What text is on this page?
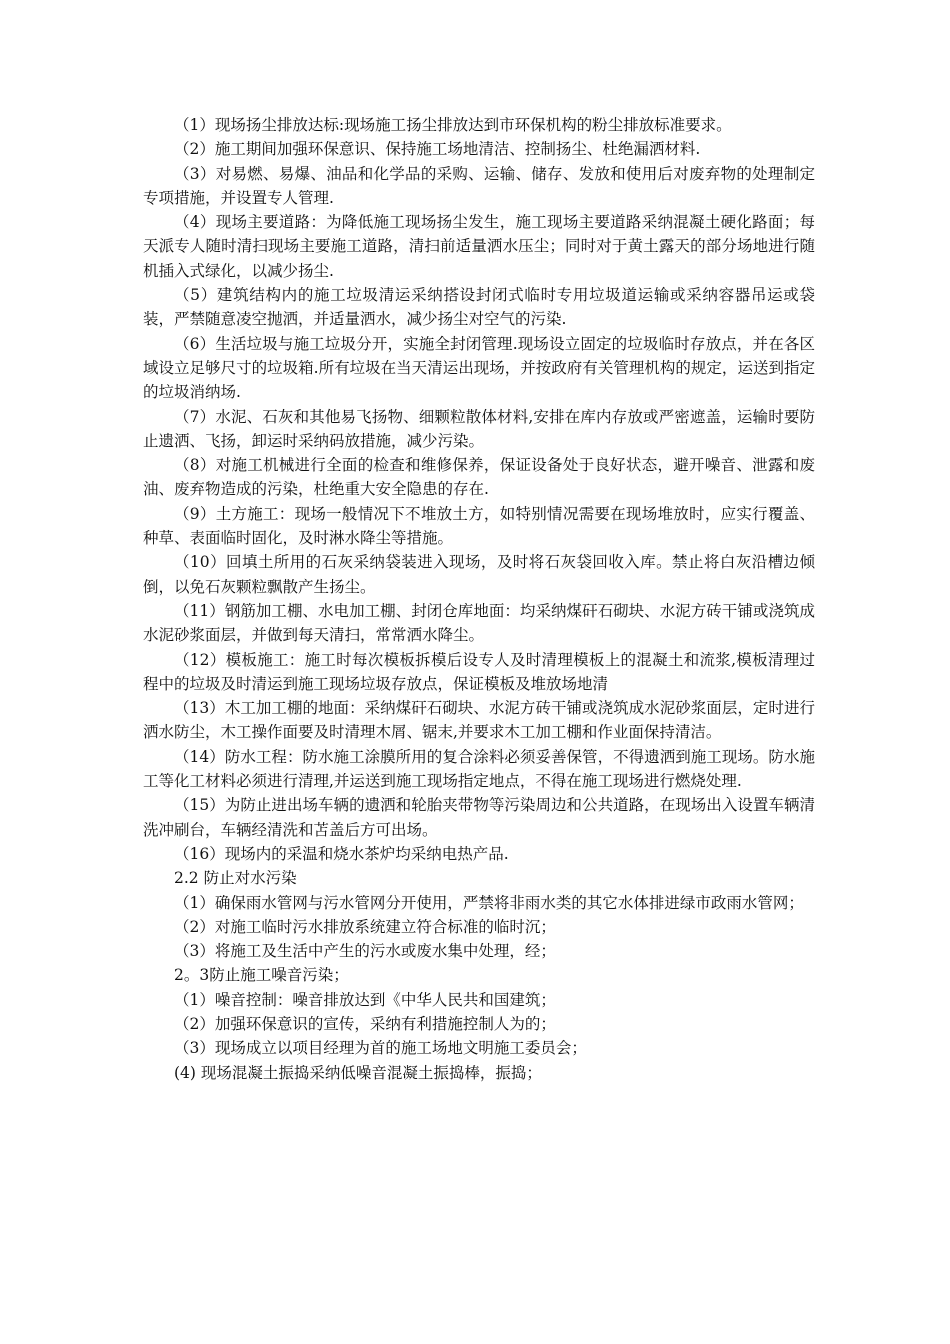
（1）现场扬尘排放达标:现场施工扬尘排放达到市环保机构的粉尘排放标准要求。

（2）施工期间加强环保意识、保持施工场地清洁、控制扬尘、杜绝漏洒材料.

（3）对易燃、易爆、油品和化学品的采购、运输、储存、发放和使用后对废弃物的处理制定专项措施，并设置专人管理.

（4）现场主要道路：为降低施工现场扬尘发生，施工现场主要道路采纳混凝土硬化路面；每天派专人随时清扫现场主要施工道路，清扫前适量洒水压尘；同时对于黄土露天的部分场地进行随机插入式绿化，以减少扬尘.

（5）建筑结构内的施工垃圾清运采纳搭设封闭式临时专用垃圾道运输或采纳容器吊运或袋装，严禁随意凌空抛洒，并适量洒水，减少扬尘对空气的污染.

（6）生活垃圾与施工垃圾分开，实施全封闭管理.现场设立固定的垃圾临时存放点，并在各区域设立足够尺寸的垃圾箱.所有垃圾在当天清运出现场，并按政府有关管理机构的规定，运送到指定的垃圾消纳场.

（7）水泥、石灰和其他易飞扬物、细颗粒散体材料,安排在库内存放或严密遮盖，运输时要防止遗洒、飞扬，卸运时采纳码放措施，减少污染。

（8）对施工机械进行全面的检查和维修保养，保证设备处于良好状态，避开噪音、泄露和废油、废弃物造成的污染，杜绝重大安全隐患的存在.

（9）土方施工：现场一般情况下不堆放土方，如特别情况需要在现场堆放时，应实行覆盖、种草、表面临时固化，及时淋水降尘等措施。

（10）回填土所用的石灰采纳袋装进入现场，及时将石灰袋回收入库。禁止将白灰沿槽边倾倒，以免石灰颗粒飘散产生扬尘。

（11）钢筋加工棚、水电加工棚、封闭仓库地面：均采纳煤矸石砌块、水泥方砖干铺或浇筑成水泥砂浆面层，并做到每天清扫，常常洒水降尘。

（12）模板施工：施工时每次模板拆模后设专人及时清理模板上的混凝土和流浆,模板清理过程中的垃圾及时清运到施工现场垃圾存放点，保证模板及堆放场地清

（13）木工加工棚的地面：采纳煤矸石砌块、水泥方砖干铺或浇筑成水泥砂浆面层，定时进行洒水防尘，木工操作面要及时清理木屑、锯末,并要求木工加工棚和作业面保持清洁。

（14）防水工程：防水施工涂膜所用的复合涂料必须妥善保管，不得遗洒到施工现场。防水施工等化工材料必须进行清理,并运送到施工现场指定地点，不得在施工现场进行燃烧处理.

（15）为防止进出场车辆的遗洒和轮胎夹带物等污染周边和公共道路，在现场出入设置车辆清洗冲刷台，车辆经清洗和苫盖后方可出场。

（16）现场内的采温和烧水茶炉均采纳电热产品.

2.2 防止对水污染

（1）确保雨水管网与污水管网分开使用，严禁将非雨水类的其它水体排进绿市政雨水管网；

（2）对施工临时污水排放系统建立符合标准的临时沉；

（3）将施工及生活中产生的污水或废水集中处理，经；

2。3防止施工噪音污染；

（1）噪音控制：噪音排放达到《中华人民共和国建筑；

（2）加强环保意识的宣传，采纳有利措施控制人为的；

（3）现场成立以项目经理为首的施工场地文明施工委员会；

(4) 现场混凝土振捣采纳低噪音混凝土振捣棒，振捣；
